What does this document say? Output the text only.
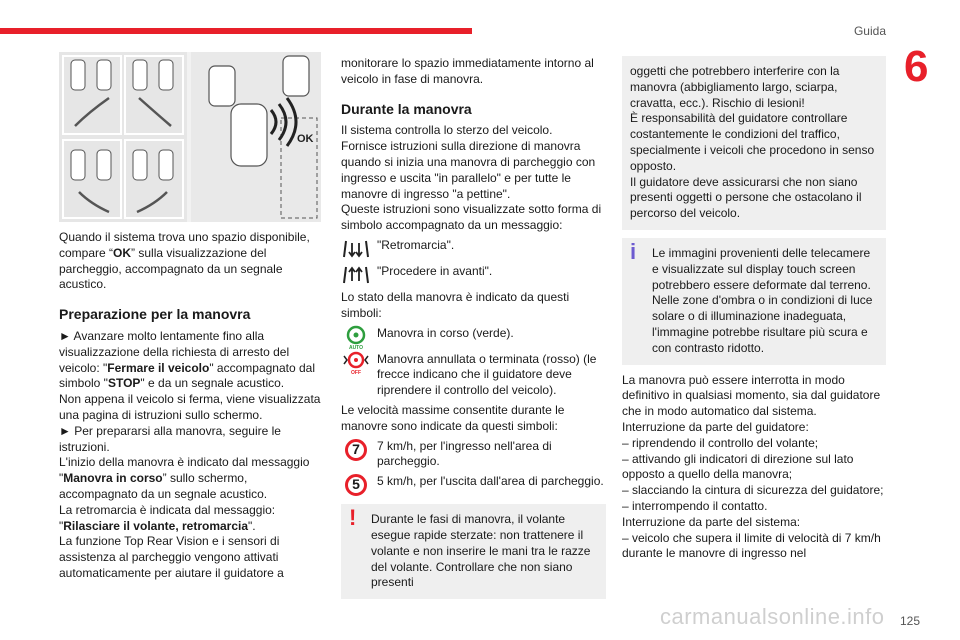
Guida
6
OK

Quando il sistema trova uno spazio disponibile, compare “OK” sulla visualizzazione del parcheggio, accompagnato da un segnale acustico.

Preparazione per la manovra

► Avanzare molto lentamente fino alla visualizzazione della richiesta di arresto del veicolo: "Fermare il veicolo" accompagnato dal simbolo "STOP" e da un segnale acustico.

Non appena il veicolo si ferma, viene visualizzata una pagina di istruzioni sullo schermo.

► Per prepararsi alla manovra, seguire le istruzioni.

L'inizio della manovra è indicato dal messaggio "Manovra in corso” sullo schermo, accompagnato da un segnale acustico.

La retromarcia è indicata dal messaggio: "Rilasciare il volante, retromarcia".

La funzione Top Rear Vision e i sensori di assistenza al parcheggio vengono attivati automaticamente per aiutare il guidatore a

monitorare lo spazio immediatamente intorno al veicolo in fase di manovra.

Durante la manovra

Il sistema controlla lo sterzo del veicolo.

Fornisce istruzioni sulla direzione di manovra quando si inizia una manovra di parcheggio con ingresso e uscita "in parallelo" e per tutte le manovre di ingresso "a pettine".

Queste istruzioni sono visualizzate sotto forma di simbolo accompagnato da un messaggio:

"Retromarcia".
"Procedere in avanti".

Lo stato della manovra è indicato da questi simboli:

AUTO
Manovra in corso (verde).
OFF
Manovra annullata o terminata (rosso) (le frecce indicano che il guidatore deve riprendere il controllo del veicolo).

Le velocità massime consentite durante le manovre sono indicate da questi simboli:

7	7 km/h, per l'ingresso nell'area di parcheggio.
5	5 km/h, per l'uscita dall'area di parcheggio.
! Durante le fasi di manovra, il volante esegue rapide sterzate: non trattenere il volante e non inserire le mani tra le razze del volante. Controllare che non siano presenti

oggetti che potrebbero interferire con la manovra (abbigliamento largo, sciarpa, cravatta, ecc.). Rischio di lesioni!

È responsabilità del guidatore controllare costantemente le condizioni del traffico, specialmente i veicoli che procedono in senso opposto.

Il guidatore deve assicurarsi che non siano presenti oggetti o persone che ostacolano il percorso del veicolo.

i Le immagini provenienti delle telecamere e visualizzate sul display touch screen potrebbero essere deformate dal terreno.

Nelle zone d'ombra o in condizioni di luce solare o di illuminazione inadeguata, l'immagine potrebbe risultare più scura e con contrasto ridotto.

La manovra può essere interrotta in modo definitivo in qualsiasi momento, sia dal guidatore che in modo automatico dal sistema.

Interruzione da parte del guidatore:

– riprendendo il controllo del volante;

– attivando gli indicatori di direzione sul lato opposto a quello della manovra;

– slacciando la cintura di sicurezza del guidatore;

– interrompendo il contatto.

Interruzione da parte del sistema:

– veicolo che supera il limite di velocità di 7 km/h durante le manovre di ingresso nel

carmanualsonline.info 125
